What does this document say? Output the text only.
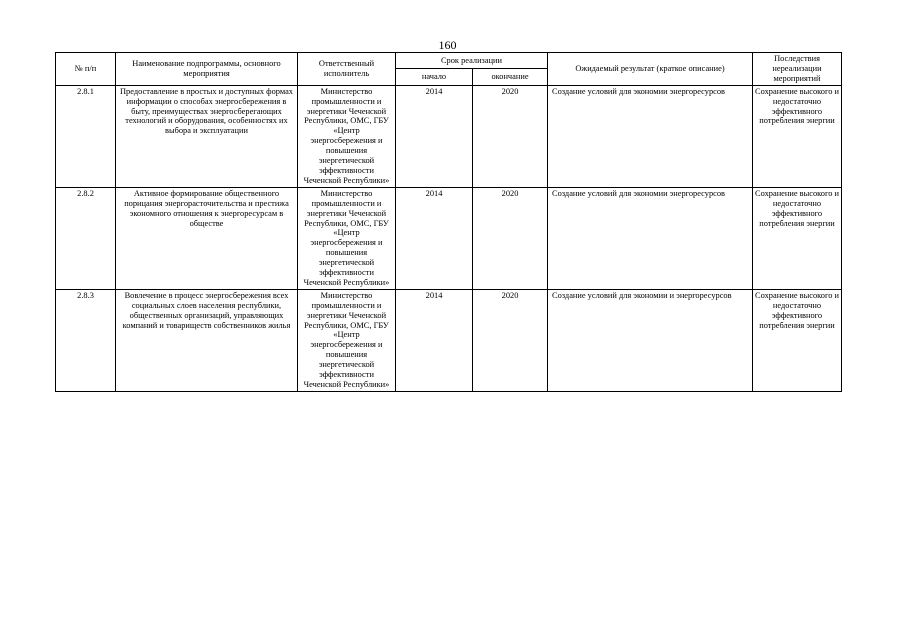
160
№ п/п	Наименование подпрограммы, основного мероприятия	Ответственный исполнитель	Срок реализации		Ожидаемый результат (краткое описание)	Последствия нереализации мероприятий
			начало	окончание		
2.8.1	Предоставление в простых и доступных формах информации о способах энергосбережения в быту, преимуществах энергосберегающих технологий и оборудования, особенностях их выбора и эксплуатации	Министерство промышленности и энергетики Чеченской Республики, ОМС, ГБУ «Центр энергосбережения и повышения энергетической эффективности Чеченской Республики»	2014	2020	Создание условий для экономии энергоресурсов	Сохранение высокого и недостаточно эффективного потребления энергии
2.8.2	Активное формирование общественного порицания энергорасточительства и престижа экономного отношения к энергоресурсам в обществе	Министерство промышленности и энергетики Чеченской Республики, ОМС, ГБУ «Центр энергосбережения и повышения энергетической эффективности Чеченской Республики»	2014	2020	Создание условий для экономии энергоресурсов	Сохранение высокого и недостаточно эффективного потребления энергии
2.8.3	Вовлечение в процесс энергосбережения всех социальных слоев населения республики, общественных организаций, управляющих компаний и товариществ собственников жилья	Министерство промышленности и энергетики Чеченской Республики, ОМС, ГБУ «Центр энергосбережения и повышения энергетической эффективности Чеченской Республики»	2014	2020	Создание условий для экономии и энергоресурсов	Сохранение высокого и недостаточно эффективного потребления энергии
